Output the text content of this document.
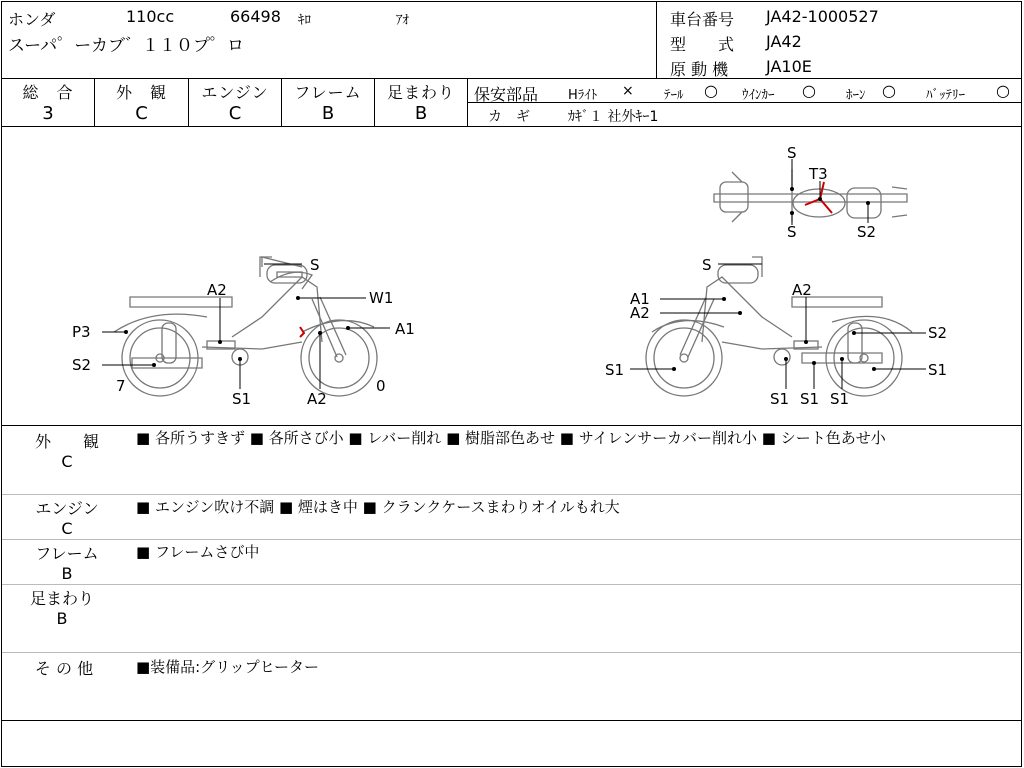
ホンダ	110cc	66498 ｷﾛ	ｱｵ
スーパ゜ーカブ゛１１０プ゜ロ
車台番号 JA42-1000527
型　　式 JA42
原 動 機 JA10E
総　合
3
外　観
C
エンジン
C
フレーム
B
足まわり
B
保安部品 Hﾗｲﾄ × ﾃｰﾙ ○ ｳｲﾝｶｰ ○ ﾎｰﾝ ○ ﾊﾞｯﾃﾘｰ ○
カ　ギ	ｶｷﾞ１ 社外ｷｰ1
S
W1
A2
P3	A1
S2
7
S1	A2
0
S
A1
A2
A2
S2
S1	S1
S1 S1 S1
S
T3
S	S2
外　　観
C
■ 各所うすきず ■ 各所さび小 ■ レバー削れ ■ 樹脂部色あせ ■ サイレンサーカバー削れ小 ■ シート色あせ小
エンジン
C
■ エンジン吹け不調 ■ 煙はき中 ■ クランクケースまわりオイルもれ大
フレーム
B
■ フレームさび中
足まわり
B
そ の 他	■装備品:グリップヒーター
